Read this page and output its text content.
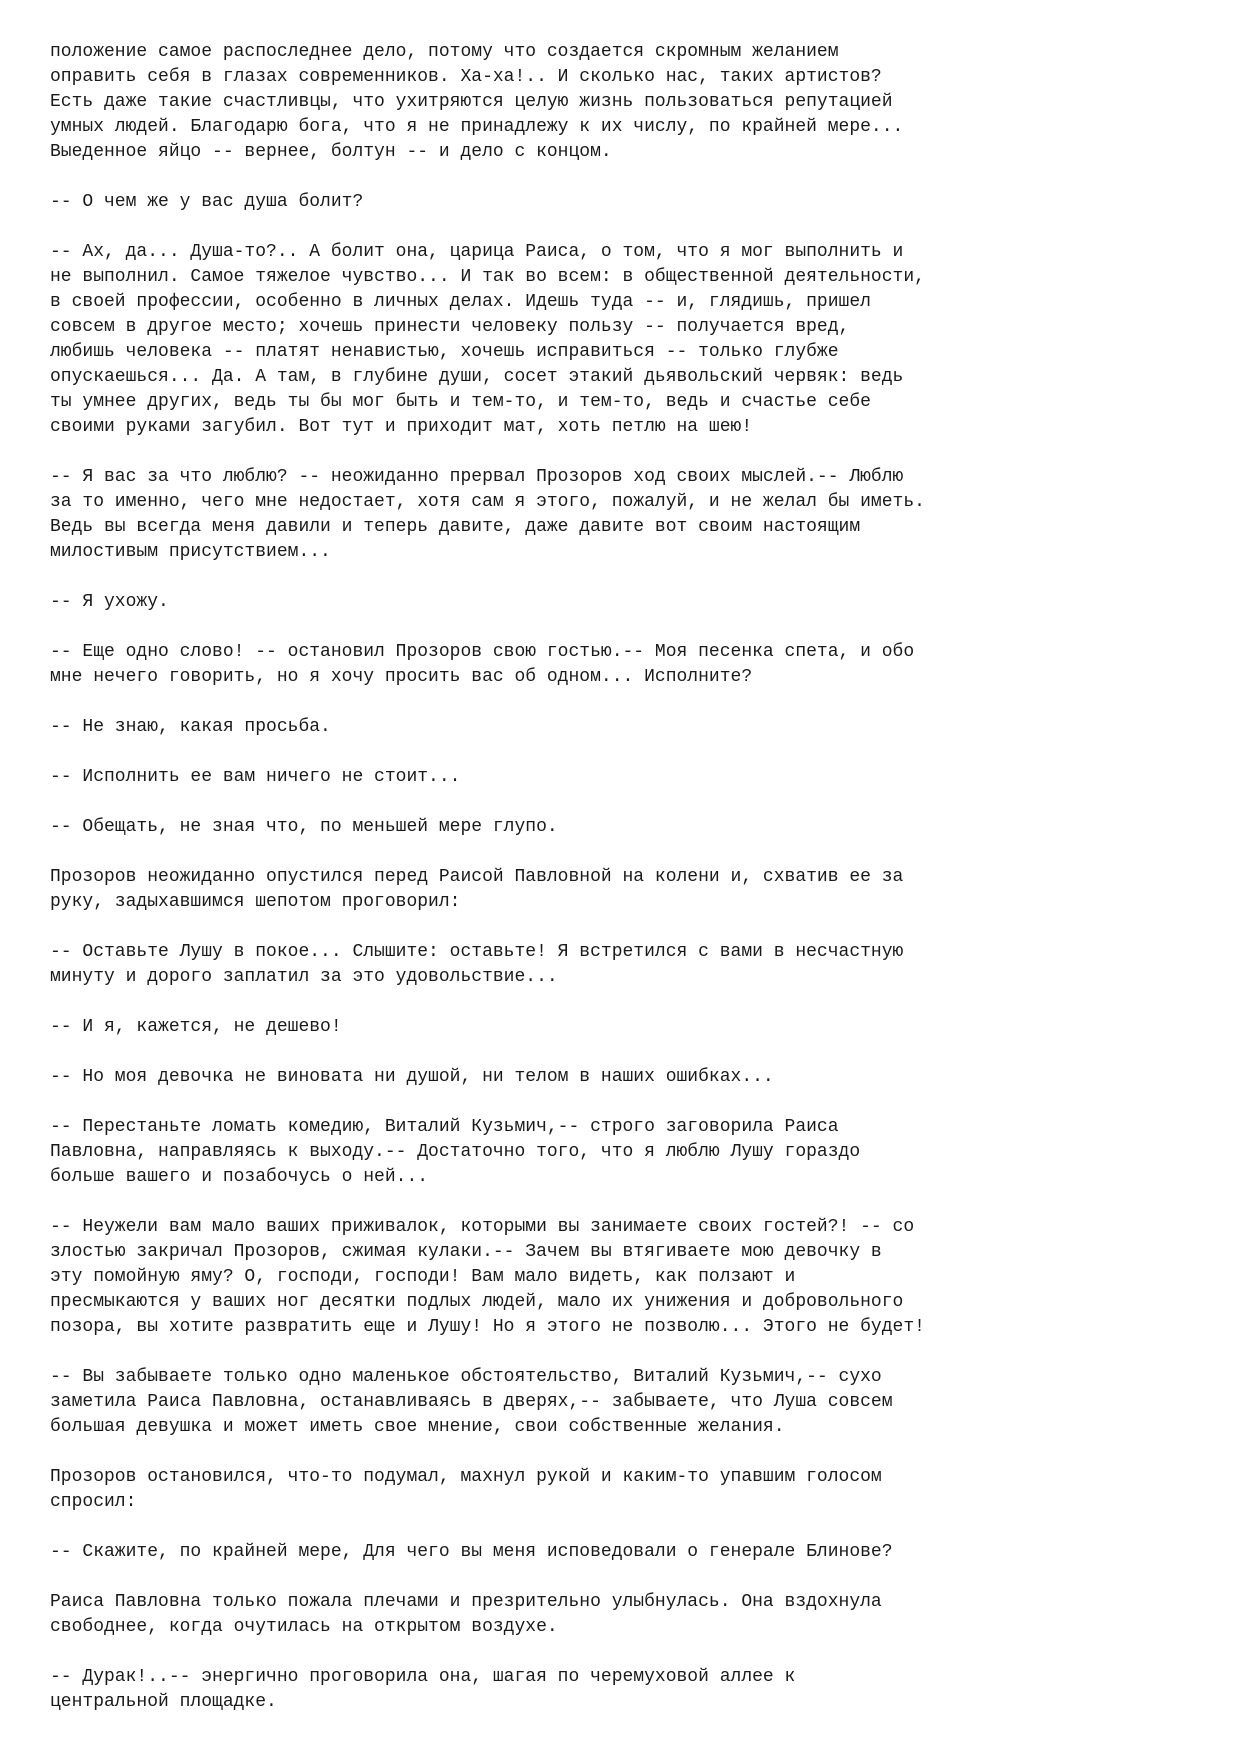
положение самое распоследнее дело, потому что создается скромным желанием
оправить себя в глазах современников. Ха-ха!.. И сколько нас, таких артистов?
Есть даже такие счастливцы, что ухитряются целую жизнь пользоваться репутацией
умных людей. Благодарю бога, что я не принадлежу к их числу, по крайней мере...
Выеденное яйцо -- вернее, болтун -- и дело с концом.
-- О чем же у вас душа болит?
-- Ах, да... Душа-то?.. А болит она, царица Раиса, о том, что я мог выполнить и
не выполнил. Самое тяжелое чувство... И так во всем: в общественной деятельности,
в своей профессии, особенно в личных делах. Идешь туда -- и, глядишь, пришел
совсем в другое место; хочешь принести человеку пользу -- получается вред,
любишь человека -- платят ненавистью, хочешь исправиться -- только глубже
опускаешься... Да. А там, в глубине души, сосет этакий дьявольский червяк: ведь
ты умнее других, ведь ты бы мог быть и тем-то, и тем-то, ведь и счастье себе
своими руками загубил. Вот тут и приходит мат, хоть петлю на шею!
-- Я вас за что люблю? -- неожиданно прервал Прозоров ход своих мыслей.-- Люблю
за то именно, чего мне недостает, хотя сам я этого, пожалуй, и не желал бы иметь.
Ведь вы всегда меня давили и теперь давите, даже давите вот своим настоящим
милостивым присутствием...
-- Я ухожу.
-- Еще одно слово! -- остановил Прозоров свою гостью.-- Моя песенка спета, и обо
мне нечего говорить, но я хочу просить вас об одном... Исполните?
-- Не знаю, какая просьба.
-- Исполнить ее вам ничего не стоит...
-- Обещать, не зная что, по меньшей мере глупо.
Прозоров неожиданно опустился перед Раисой Павловной на колени и, схватив ее за
руку, задыхавшимся шепотом проговорил:
-- Оставьте Лушу в покое... Слышите: оставьте! Я встретился с вами в несчастную
минуту и дорого заплатил за это удовольствие...
-- И я, кажется, не дешево!
-- Но моя девочка не виновата ни душой, ни телом в наших ошибках...
-- Перестаньте ломать комедию, Виталий Кузьмич,-- строго заговорила Раиса
Павловна, направляясь к выходу.-- Достаточно того, что я люблю Лушу гораздо
больше вашего и позабочусь о ней...
-- Неужели вам мало ваших приживалок, которыми вы занимаете своих гостей?! -- со
злостью закричал Прозоров, сжимая кулаки.-- Зачем вы втягиваете мою девочку в
эту помойную яму? О, господи, господи! Вам мало видеть, как ползают и
пресмыкаются у ваших ног десятки подлых людей, мало их унижения и добровольного
позора, вы хотите развратить еще и Лушу! Но я этого не позволю... Этого не будет!
-- Вы забываете только одно маленькое обстоятельство, Виталий Кузьмич,-- сухо
заметила Раиса Павловна, останавливаясь в дверях,-- забываете, что Луша совсем
большая девушка и может иметь свое мнение, свои собственные желания.
Прозоров остановился, что-то подумал, махнул рукой и каким-то упавшим голосом
спросил:
-- Скажите, по крайней мере, Для чего вы меня исповедовали о генерале Блинове?
Раиса Павловна только пожала плечами и презрительно улыбнулась. Она вздохнула
свободнее, когда очутилась на открытом воздухе.
-- Дурак!..-- энергично проговорила она, шагая по черемуховой аллее к
центральной площадке.
